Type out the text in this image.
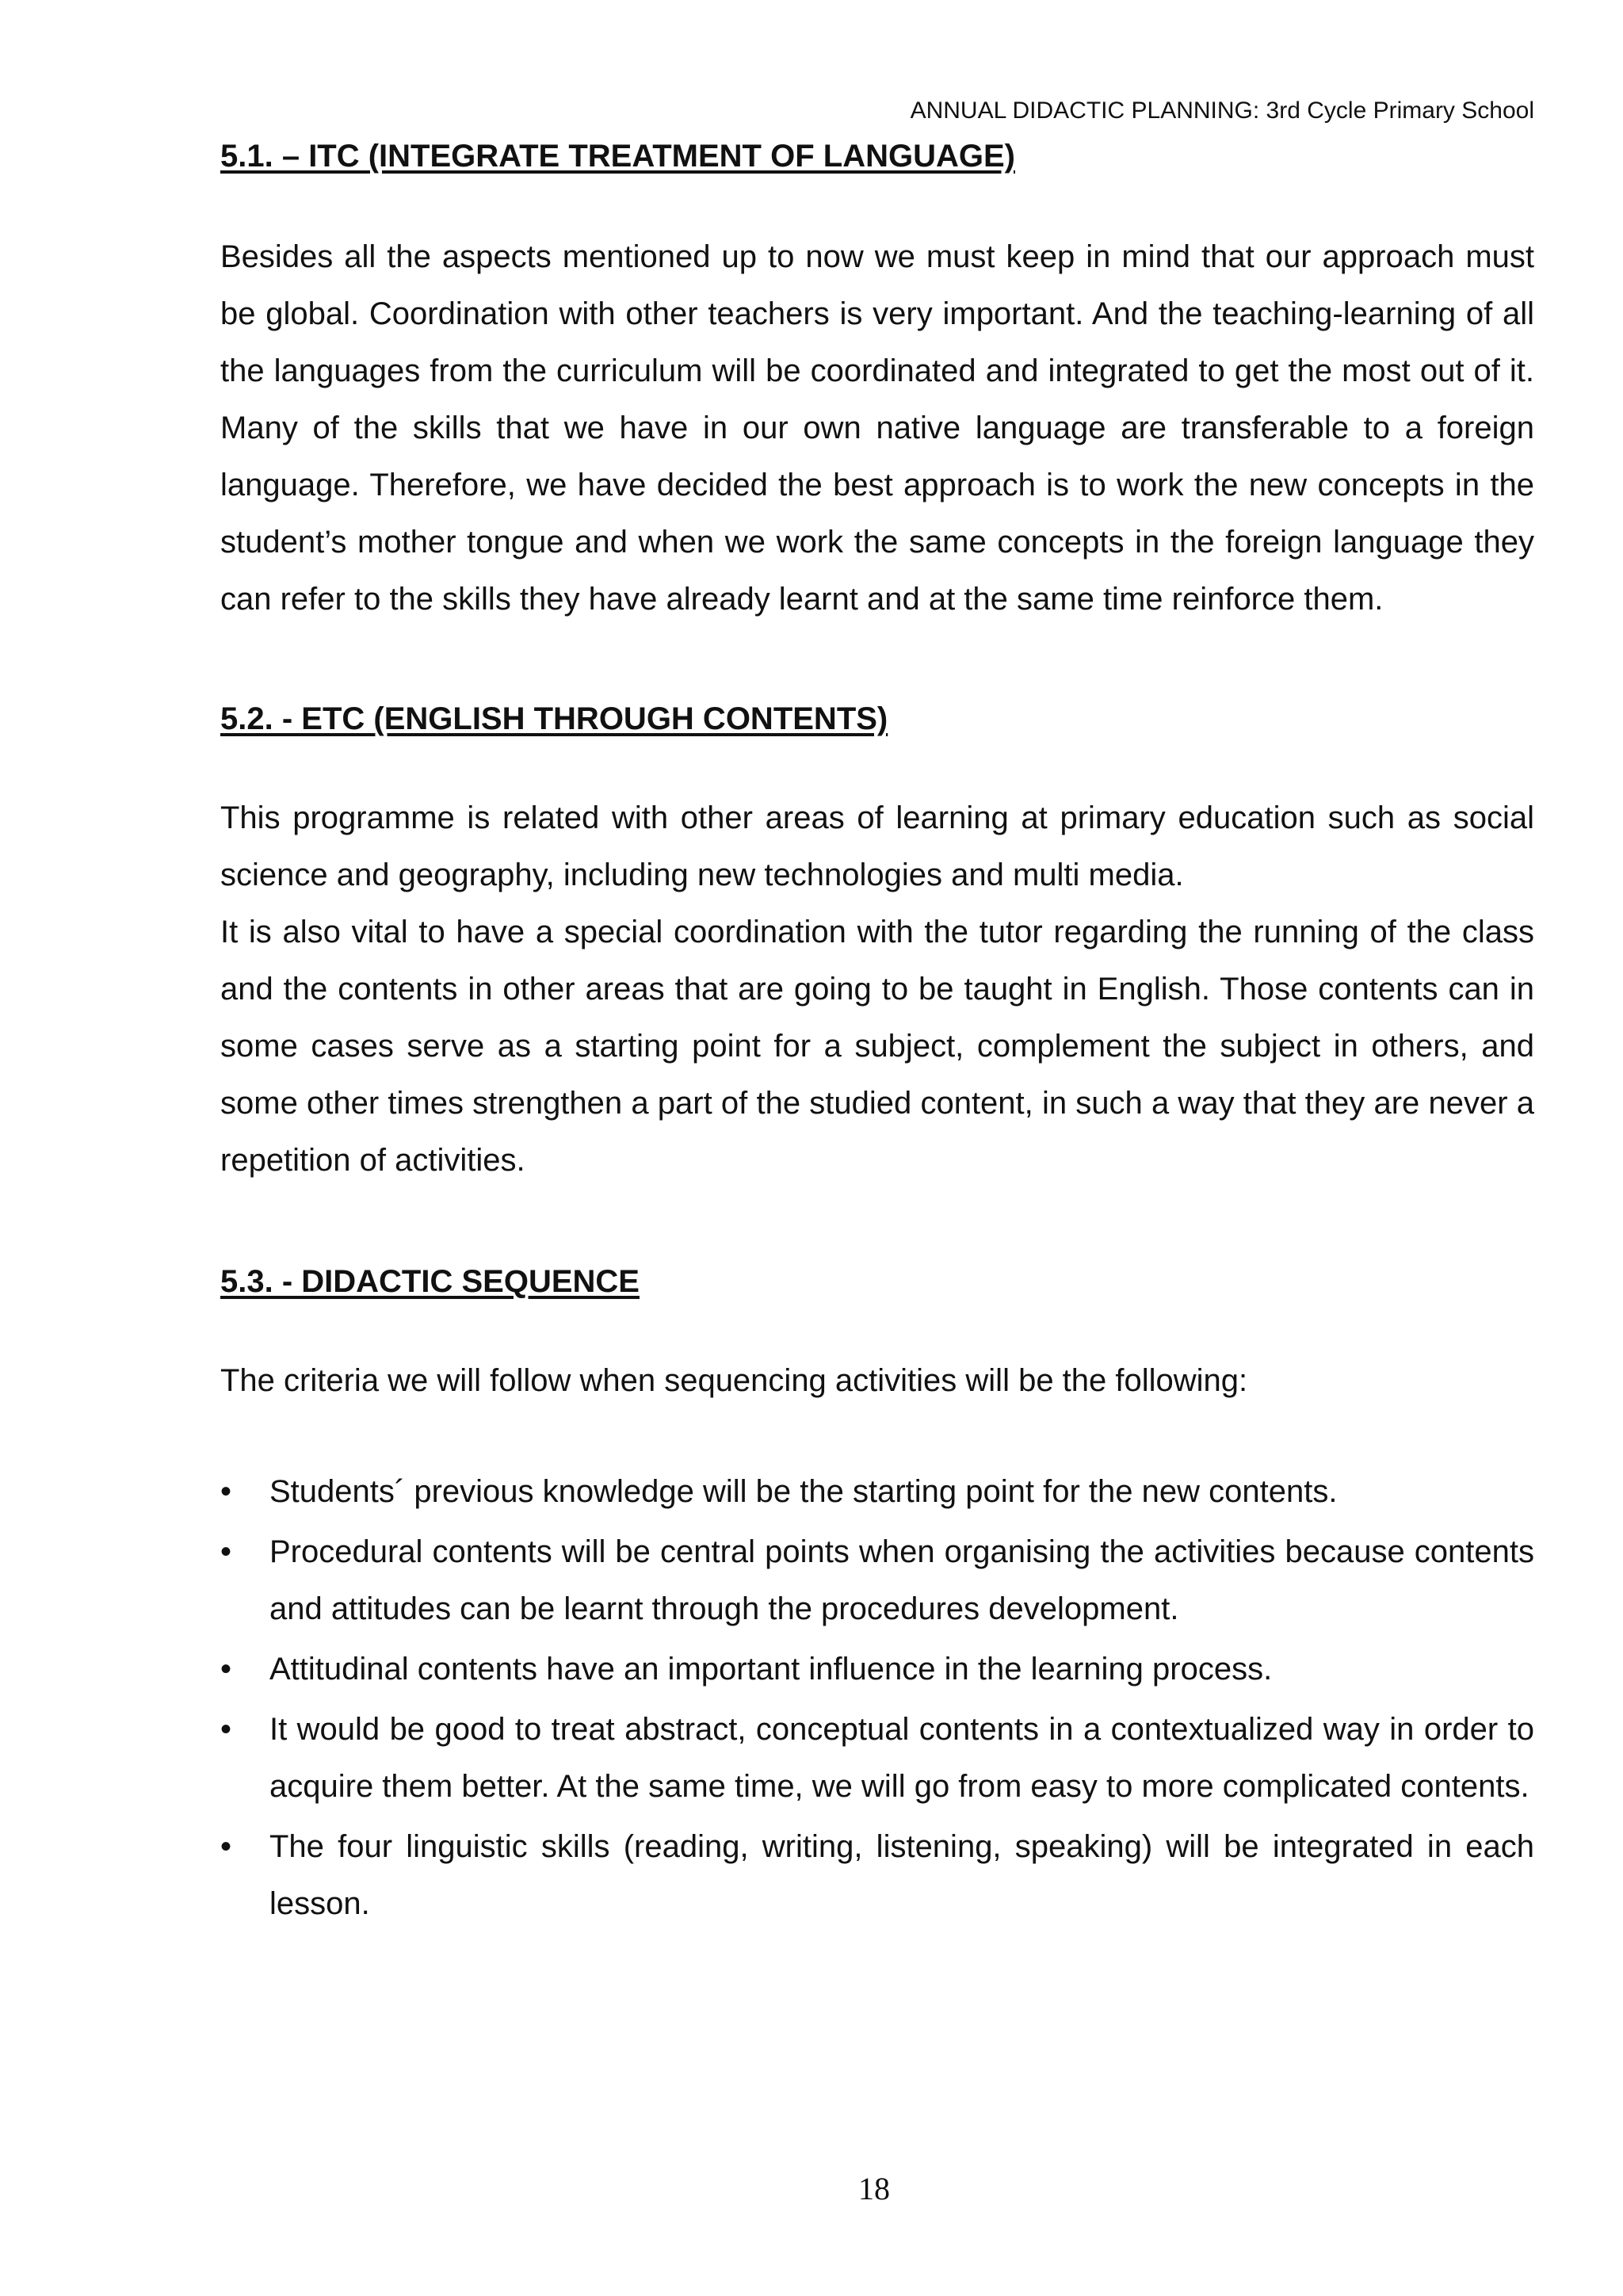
ANNUAL DIDACTIC PLANNING: 3rd Cycle Primary School
5.1. – ITC (INTEGRATE TREATMENT OF LANGUAGE)

Besides all the aspects mentioned up to now we must keep in mind that our approach must be global. Coordination with other teachers is very important. And the teaching-learning of all the languages from the curriculum will be coordinated and integrated to get the most out of it. Many of the skills that we have in our own native language are transferable to a foreign language. Therefore, we have decided the best approach is to work the new concepts in the student’s mother tongue and when we work the same concepts in the foreign language they can refer to the skills they have already learnt and at the same time reinforce them.

5.2. - ETC (ENGLISH THROUGH CONTENTS)

This programme is related with other areas of learning at primary education such as social science and geography, including new technologies and multi media.

It is also vital to have a special coordination with the tutor regarding the running of the class and the contents in other areas that are going to be taught in English. Those contents can in some cases serve as a starting point for a subject, complement the subject in others, and some other times strengthen a part of the studied content, in such a way that they are never a repetition of activities.

5.3. - DIDACTIC SEQUENCE

The criteria we will follow when sequencing activities will be the following:

• Students´ previous knowledge will be the starting point for the new contents.
• Procedural contents will be central points when organising the activities because contents and attitudes can be learnt through the procedures development.
• Attitudinal contents have an important influence in the learning process.
• It would be good to treat abstract, conceptual contents in a contextualized way in order to acquire them better. At the same time, we will go from easy to more complicated contents.
• The four linguistic skills (reading, writing, listening, speaking) will be integrated in each lesson.
18
